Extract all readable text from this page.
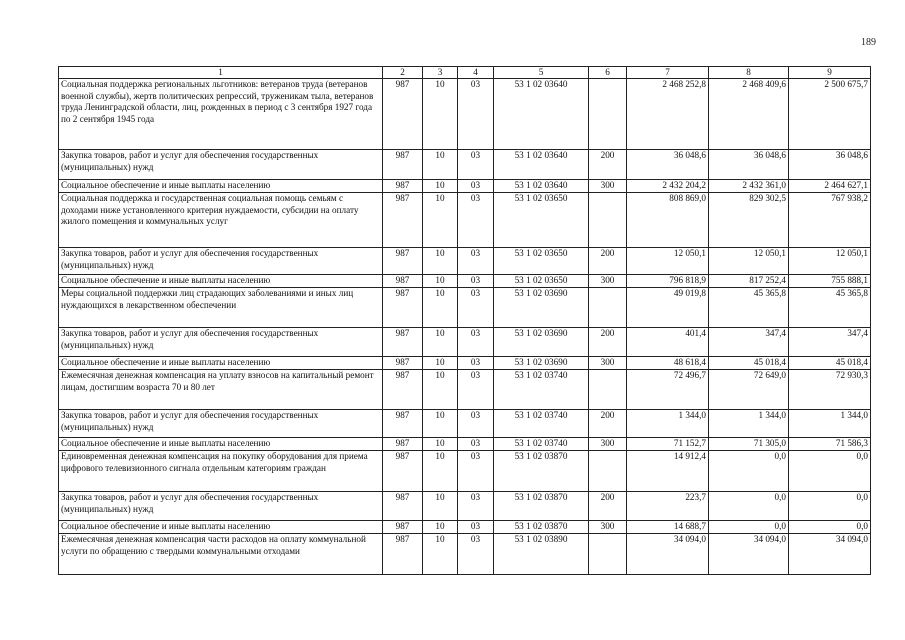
189
1	2	3	4	5	6	7	8	9
Социальная поддержка региональных льготников: ветеранов труда (ветеранов военной службы), жертв политических репрессий, труженикам тыла, ветеранов труда Ленинградской области, лиц, рожденных в период с 3 сентября 1927 года по 2 сентября 1945 года	987	10	03	53 1 02 03640		2 468 252,8	2 468 409,6	2 500 675,7
Закупка товаров, работ и услуг для обеспечения государственных (муниципальных) нужд	987	10	03	53 1 02 03640	200	36 048,6	36 048,6	36 048,6
Социальное обеспечение и иные выплаты населению	987	10	03	53 1 02 03640	300	2 432 204,2	2 432 361,0	2 464 627,1
Социальная поддержка и государственная социальная помощь семьям с доходами ниже установленного критерия нуждаемости, субсидии на оплату жилого помещения и коммунальных услуг	987	10	03	53 1 02 03650		808 869,0	829 302,5	767 938,2
Закупка товаров, работ и услуг для обеспечения государственных (муниципальных) нужд	987	10	03	53 1 02 03650	200	12 050,1	12 050,1	12 050,1
Социальное обеспечение и иные выплаты населению	987	10	03	53 1 02 03650	300	796 818,9	817 252,4	755 888,1
Меры социальной поддержки лиц страдающих заболеваниями и иных лиц нуждающихся в лекарственном обеспечении	987	10	03	53 1 02 03690		49 019,8	45 365,8	45 365,8
Закупка товаров, работ и услуг для обеспечения государственных (муниципальных) нужд	987	10	03	53 1 02 03690	200	401,4	347,4	347,4
Социальное обеспечение и иные выплаты населению	987	10	03	53 1 02 03690	300	48 618,4	45 018,4	45 018,4
Ежемесячная денежная компенсация на уплату взносов на капитальный ремонт лицам, достигшим возраста 70 и 80 лет	987	10	03	53 1 02 03740		72 496,7	72 649,0	72 930,3
Закупка товаров, работ и услуг для обеспечения государственных (муниципальных) нужд	987	10	03	53 1 02 03740	200	1 344,0	1 344,0	1 344,0
Социальное обеспечение и иные выплаты населению	987	10	03	53 1 02 03740	300	71 152,7	71 305,0	71 586,3
Единовременная денежная компенсация на покупку оборудования для приема цифрового телевизионного сигнала отдельным категориям граждан	987	10	03	53 1 02 03870		14 912,4	0,0	0,0
Закупка товаров, работ и услуг для обеспечения государственных (муниципальных) нужд	987	10	03	53 1 02 03870	200	223,7	0,0	0,0
Социальное обеспечение и иные выплаты населению	987	10	03	53 1 02 03870	300	14 688,7	0,0	0,0
Ежемесячная денежная компенсация части расходов на оплату коммунальной услуги по обращению с твердыми коммунальными отходами	987	10	03	53 1 02 03890		34 094,0	34 094,0	34 094,0
